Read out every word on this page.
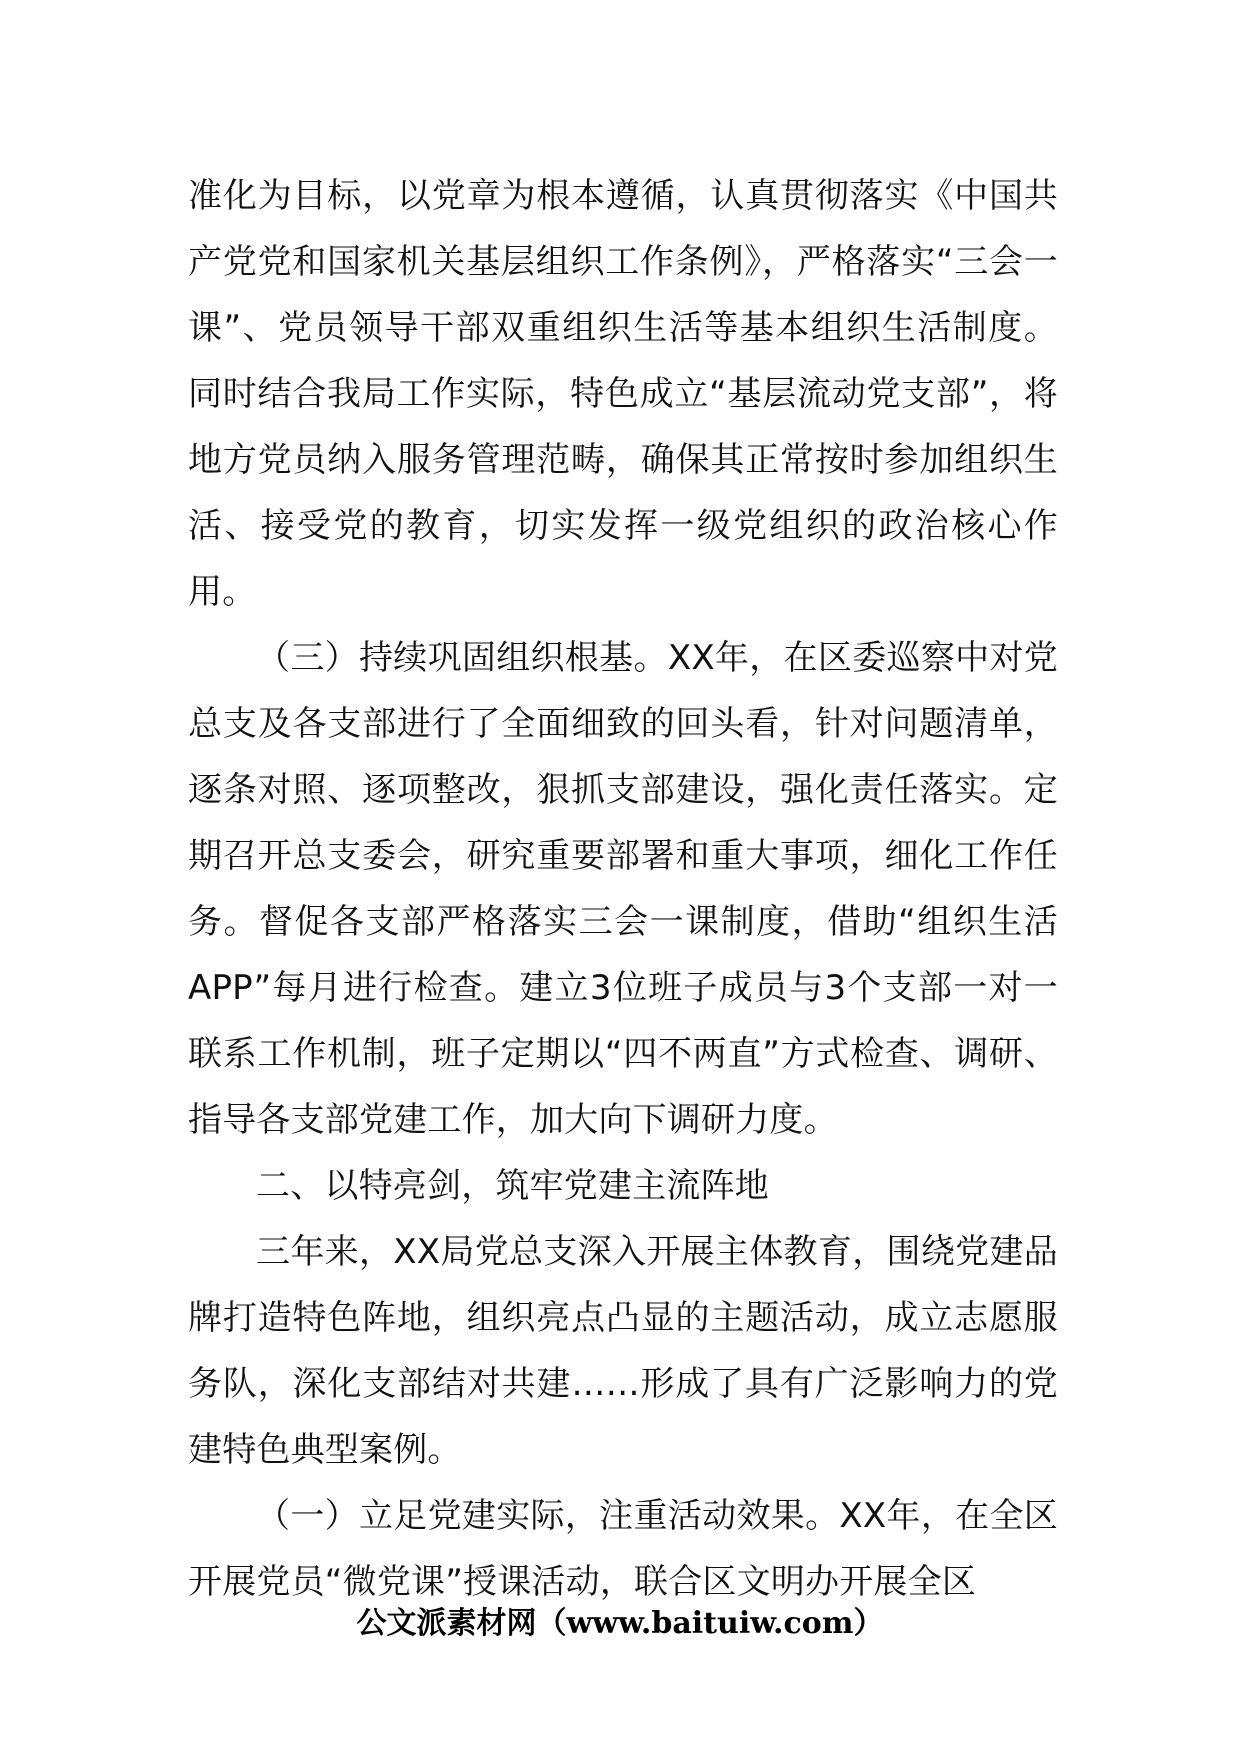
准化为目标，以党章为根本遵循，认真贯彻落实《中国共产党党和国家机关基层组织工作条例》，严格落实“三会一课”、党员领导干部双重组织生活等基本组织生活制度。同时结合我局工作实际，特色成立“基层流动党支部”，将地方党员纳入服务管理范畴，确保其正常按时参加组织生活、接受党的教育，切实发挥一级党组织的政治核心作用。

（三）持续巩固组织根基。XX年，在区委巡察中对党总支及各支部进行了全面细致的回头看，针对问题清单，逐条对照、逐项整改，狠抓支部建设，强化责任落实。定期召开总支委会，研究重要部署和重大事项，细化工作任务。督促各支部严格落实三会一课制度，借助“组织生活APP”每月进行检查。建立3位班子成员与3个支部一对一联系工作机制，班子定期以“四不两直”方式检查、调研、指导各支部党建工作，加大向下调研力度。

二、以特亮剑，筑牢党建主流阵地

三年来，XX局党总支深入开展主体教育，围绕党建品牌打造特色阵地，组织亮点凸显的主题活动，成立志愿服务队，深化支部结对共建……形成了具有广泛影响力的党建特色典型案例。

（一）立足党建实际，注重活动效果。XX年，在全区开展党员“微党课”授课活动，联合区文明办开展全区

公文派素材网（www.baituiw.com）
